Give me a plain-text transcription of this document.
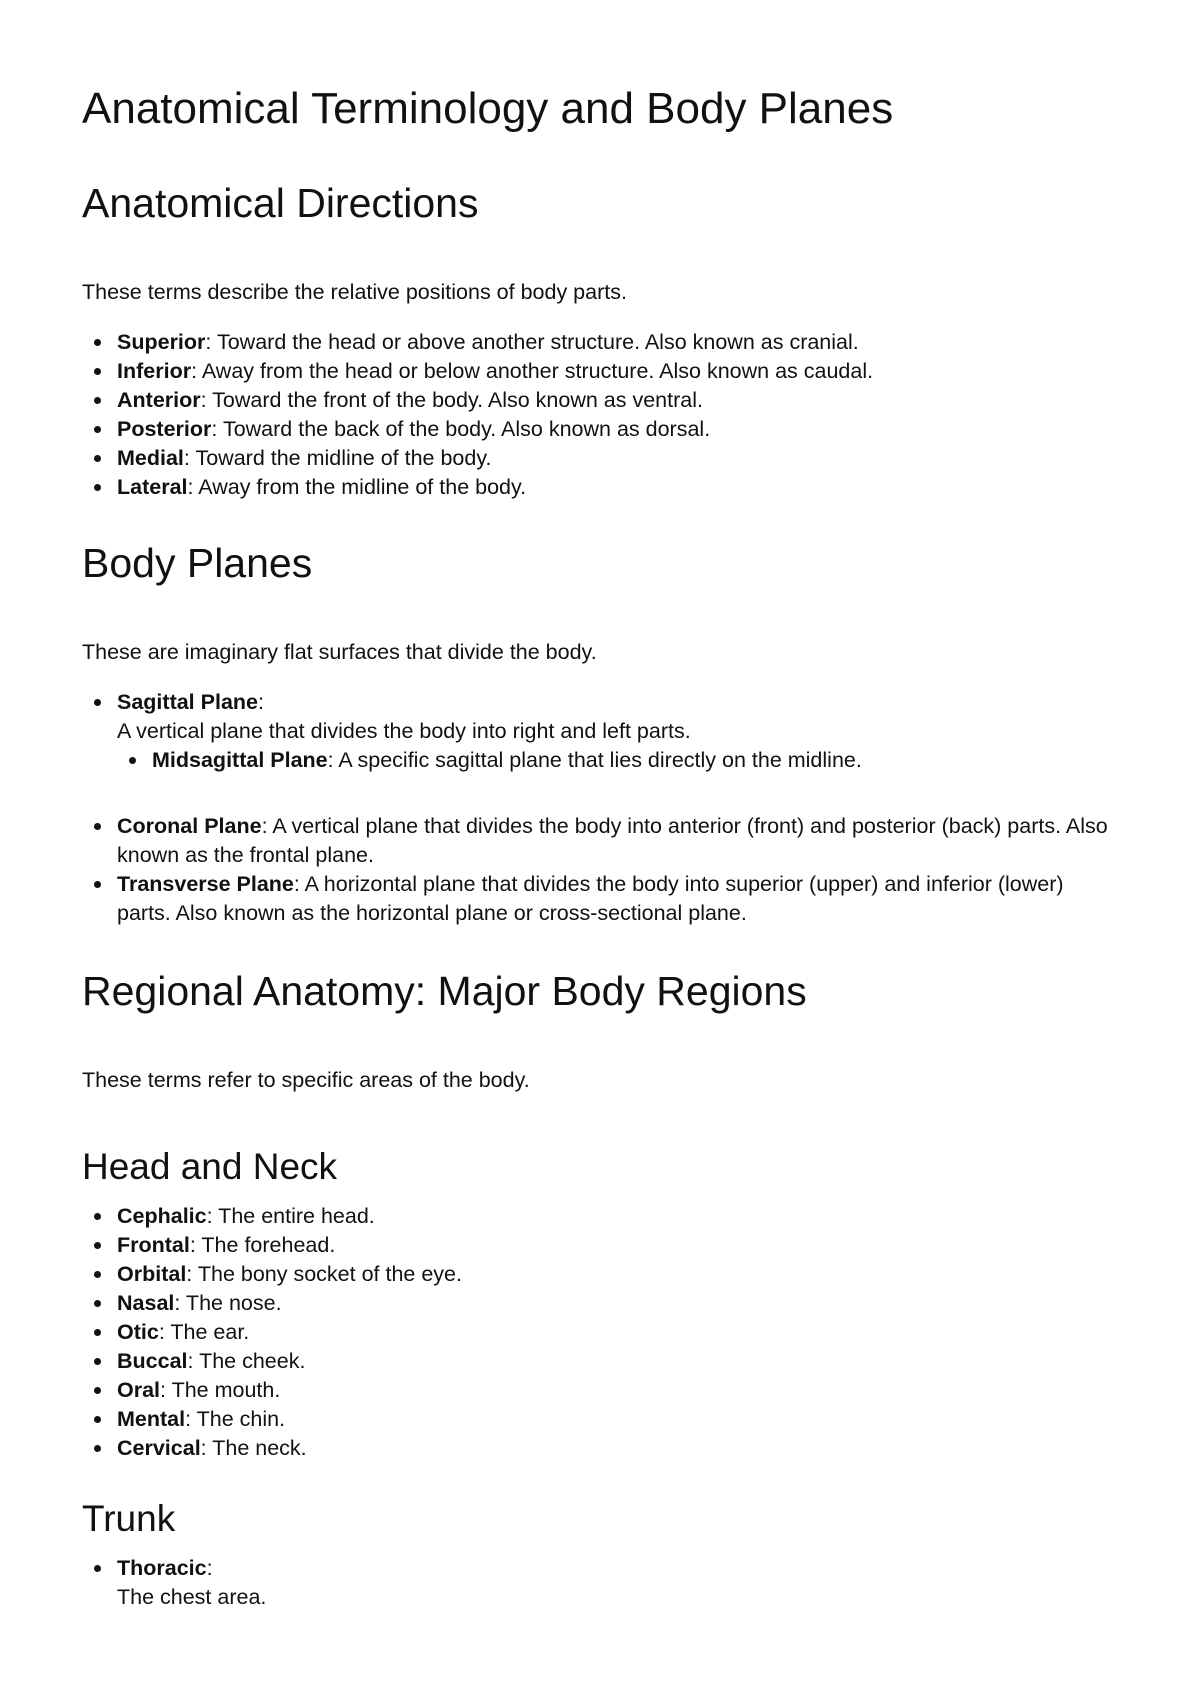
Anatomical Terminology and Body Planes
Anatomical Directions

These terms describe the relative positions of body parts.

Superior: Toward the head or above another structure. Also known as cranial.
Inferior: Away from the head or below another structure. Also known as caudal.
Anterior: Toward the front of the body. Also known as ventral.
Posterior: Toward the back of the body. Also known as dorsal.
Medial: Toward the midline of the body.
Lateral: Away from the midline of the body.
Body Planes

These are imaginary flat surfaces that divide the body.

Sagittal Plane:
A vertical plane that divides the body into right and left parts.
Midsagittal Plane: A specific sagittal plane that lies directly on the midline.
Coronal Plane: A vertical plane that divides the body into anterior (front) and posterior (back) parts. Also known as the frontal plane.
Transverse Plane: A horizontal plane that divides the body into superior (upper) and inferior (lower) parts. Also known as the horizontal plane or cross-sectional plane.
Regional Anatomy: Major Body Regions

These terms refer to specific areas of the body.

Head and Neck
Cephalic: The entire head.
Frontal: The forehead.
Orbital: The bony socket of the eye.
Nasal: The nose.
Otic: The ear.
Buccal: The cheek.
Oral: The mouth.
Mental: The chin.
Cervical: The neck.
Trunk
Thoracic:
The chest area.
